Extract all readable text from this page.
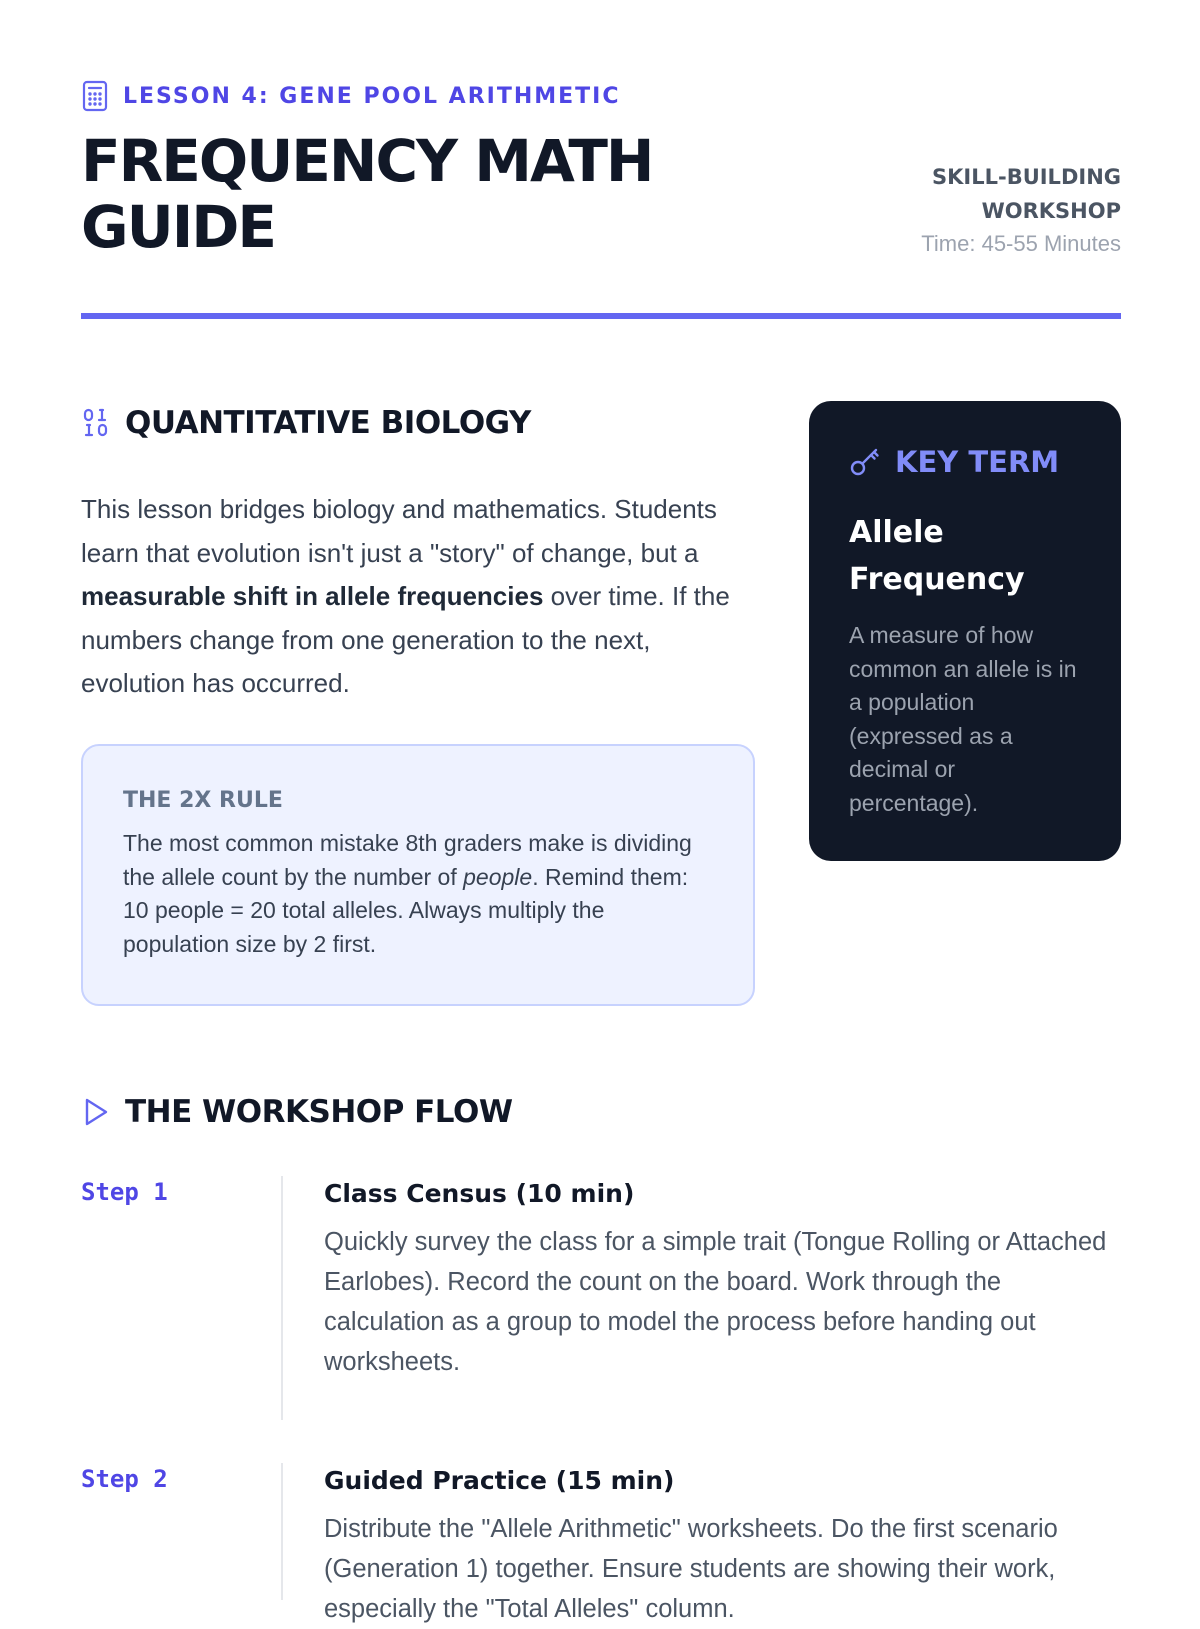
LESSON 4: GENE POOL ARITHMETIC
FREQUENCY MATH
GUIDE
SKILL-BUILDING
WORKSHOP
Time: 45-55 Minutes
QUANTITATIVE BIOLOGY

This lesson bridges biology and mathematics. Students learn that evolution isn't just a "story" of change, but a measurable shift in allele frequencies over time. If the numbers change from one generation to the next, evolution has occurred.

THE 2X RULE

The most common mistake 8th graders make is dividing the allele count by the number of people. Remind them: 10 people = 20 total alleles. Always multiply the population size by 2 first.

KEY TERM
Allele Frequency
A measure of how common an allele is in a population (expressed as a decimal or percentage).
THE WORKSHOP FLOW
Step 1	Class Census (10 min)

Quickly survey the class for a simple trait (Tongue Rolling or Attached Earlobes). Record the count on the board. Work through the calculation as a group to model the process before handing out worksheets.

Step 2	Guided Practice (15 min)

Distribute the "Allele Arithmetic" worksheets. Do the first scenario (Generation 1) together. Ensure students are showing their work, especially the "Total Alleles" column.
